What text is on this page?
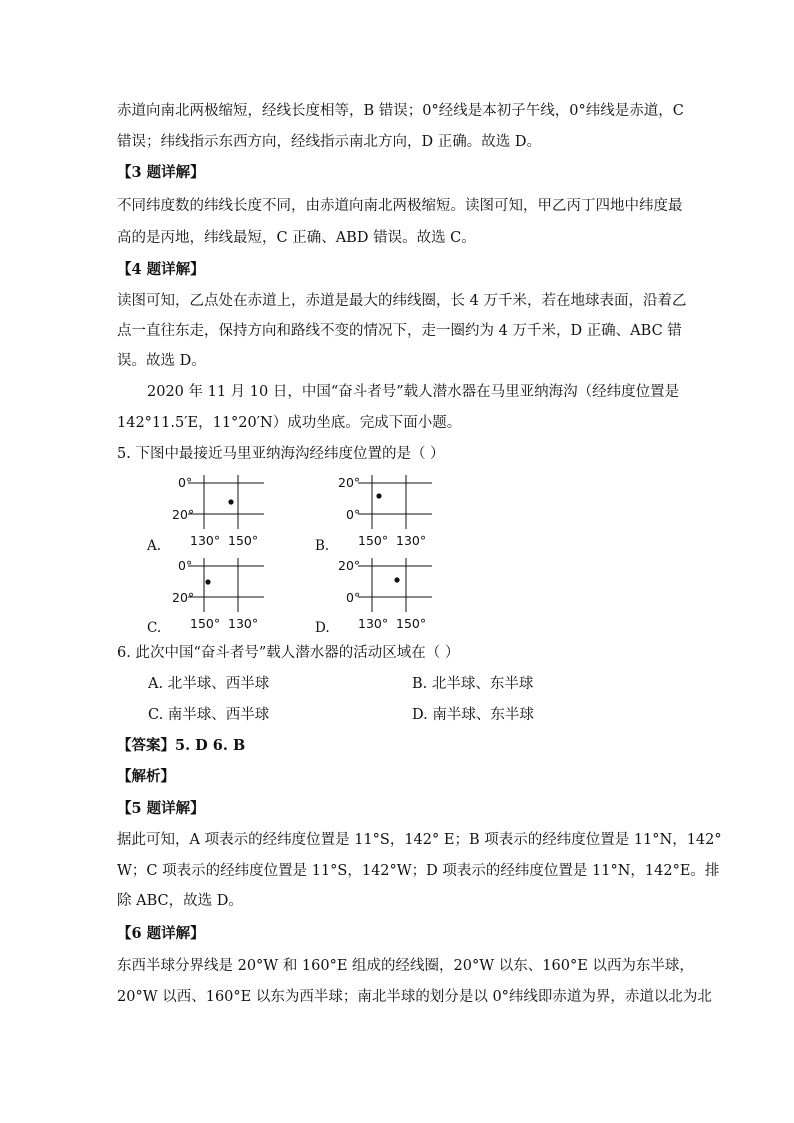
赤道向南北两极缩短，经线长度相等，B 错误；0°经线是本初子午线，0°纬线是赤道，C
错误；纬线指示东西方向，经线指示南北方向，D 正确。故选 D。
【3 题详解】
不同纬度数的纬线长度不同，由赤道向南北两极缩短。读图可知，甲乙丙丁四地中纬度最
高的是丙地，纬线最短，C 正确、ABD 错误。故选 C。
【4 题详解】
读图可知，乙点处在赤道上，赤道是最大的纬线圈，长 4 万千米，若在地球表面，沿着乙
点一直往东走，保持方向和路线不变的情况下，走一圈约为 4 万千米，D 正确、ABC 错
误。故选 D。
2020 年 11 月 10 日，中国“奋斗者号”载人潜水器在马里亚纳海沟（经纬度位置是
142°11.5′E，11°20′N）成功坐底。完成下面小题。
5. 下图中最接近马里亚纳海沟经纬度位置的是（ ）
A.
0°
20°
130° 150°	B.
20°
0°
150° 130°
C.
0°
20°
150° 130°	D.
20°
0°
130° 150°
6. 此次中国“奋斗者号”载人潜水器的活动区域在（ ）
A. 北半球、西半球	B. 北半球、东半球
C. 南半球、西半球	D. 南半球、东半球
【答案】5. D 6. B
【解析】
【5 题详解】
据此可知，A 项表示的经纬度位置是 11°S，142° E；B 项表示的经纬度位置是 11°N，142°
W；C 项表示的经纬度位置是 11°S，142°W；D 项表示的经纬度位置是 11°N，142°E。排
除 ABC，故选 D。
【6 题详解】
东西半球分界线是 20°W 和 160°E 组成的经线圈，20°W 以东、160°E 以西为东半球，
20°W 以西、160°E 以东为西半球；南北半球的划分是以 0°纬线即赤道为界，赤道以北为北
